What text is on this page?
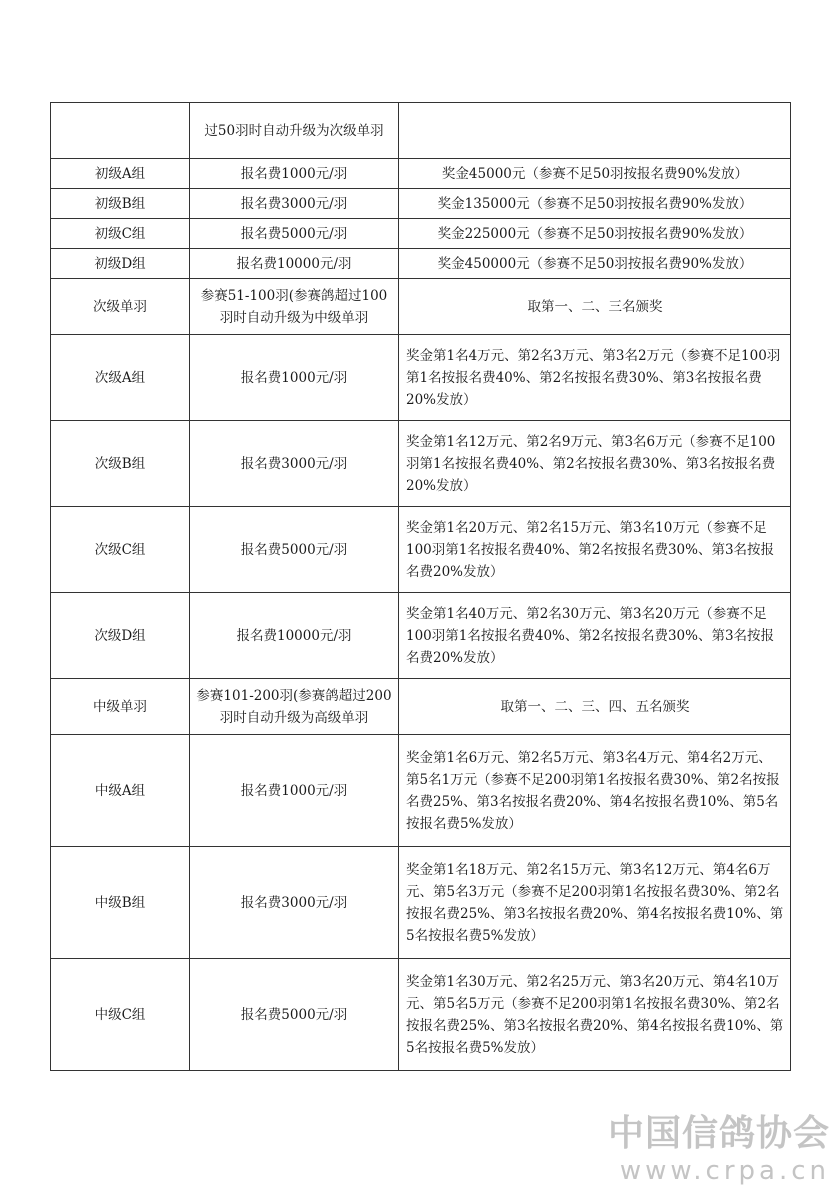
	过50羽时自动升级为次级单羽	
初级A组	报名费1000元/羽	奖金45000元（参赛不足50羽按报名费90%发放）
初级B组	报名费3000元/羽	奖金135000元（参赛不足50羽按报名费90%发放）
初级C组	报名费5000元/羽	奖金225000元（参赛不足50羽按报名费90%发放）
初级D组	报名费10000元/羽	奖金450000元（参赛不足50羽按报名费90%发放）
次级单羽	参赛51-100羽(参赛鸽超过100羽时自动升级为中级单羽	取第一、二、三名颁奖
次级A组	报名费1000元/羽	奖金第1名4万元、第2名3万元、第3名2万元（参赛不足100羽第1名按报名费40%、第2名按报名费30%、第3名按报名费20%发放）
次级B组	报名费3000元/羽	奖金第1名12万元、第2名9万元、第3名6万元（参赛不足100羽第1名按报名费40%、第2名按报名费30%、第3名按报名费20%发放）
次级C组	报名费5000元/羽	奖金第1名20万元、第2名15万元、第3名10万元（参赛不足100羽第1名按报名费40%、第2名按报名费30%、第3名按报名费20%发放）
次级D组	报名费10000元/羽	奖金第1名40万元、第2名30万元、第3名20万元（参赛不足100羽第1名按报名费40%、第2名按报名费30%、第3名按报名费20%发放）
中级单羽	参赛101-200羽(参赛鸽超过200羽时自动升级为高级单羽	取第一、二、三、四、五名颁奖
中级A组	报名费1000元/羽	奖金第1名6万元、第2名5万元、第3名4万元、第4名2万元、第5名1万元（参赛不足200羽第1名按报名费30%、第2名按报名费25%、第3名按报名费20%、第4名按报名费10%、第5名按报名费5%发放）
中级B组	报名费3000元/羽	奖金第1名18万元、第2名15万元、第3名12万元、第4名6万元、第5名3万元（参赛不足200羽第1名按报名费30%、第2名按报名费25%、第3名按报名费20%、第4名按报名费10%、第5名按报名费5%发放）
中级C组	报名费5000元/羽	奖金第1名30万元、第2名25万元、第3名20万元、第4名10万元、第5名5万元（参赛不足200羽第1名按报名费30%、第2名按报名费25%、第3名按报名费20%、第4名按报名费10%、第5名按报名费5%发放）
中国信鸽协会
www.crpa.cn
